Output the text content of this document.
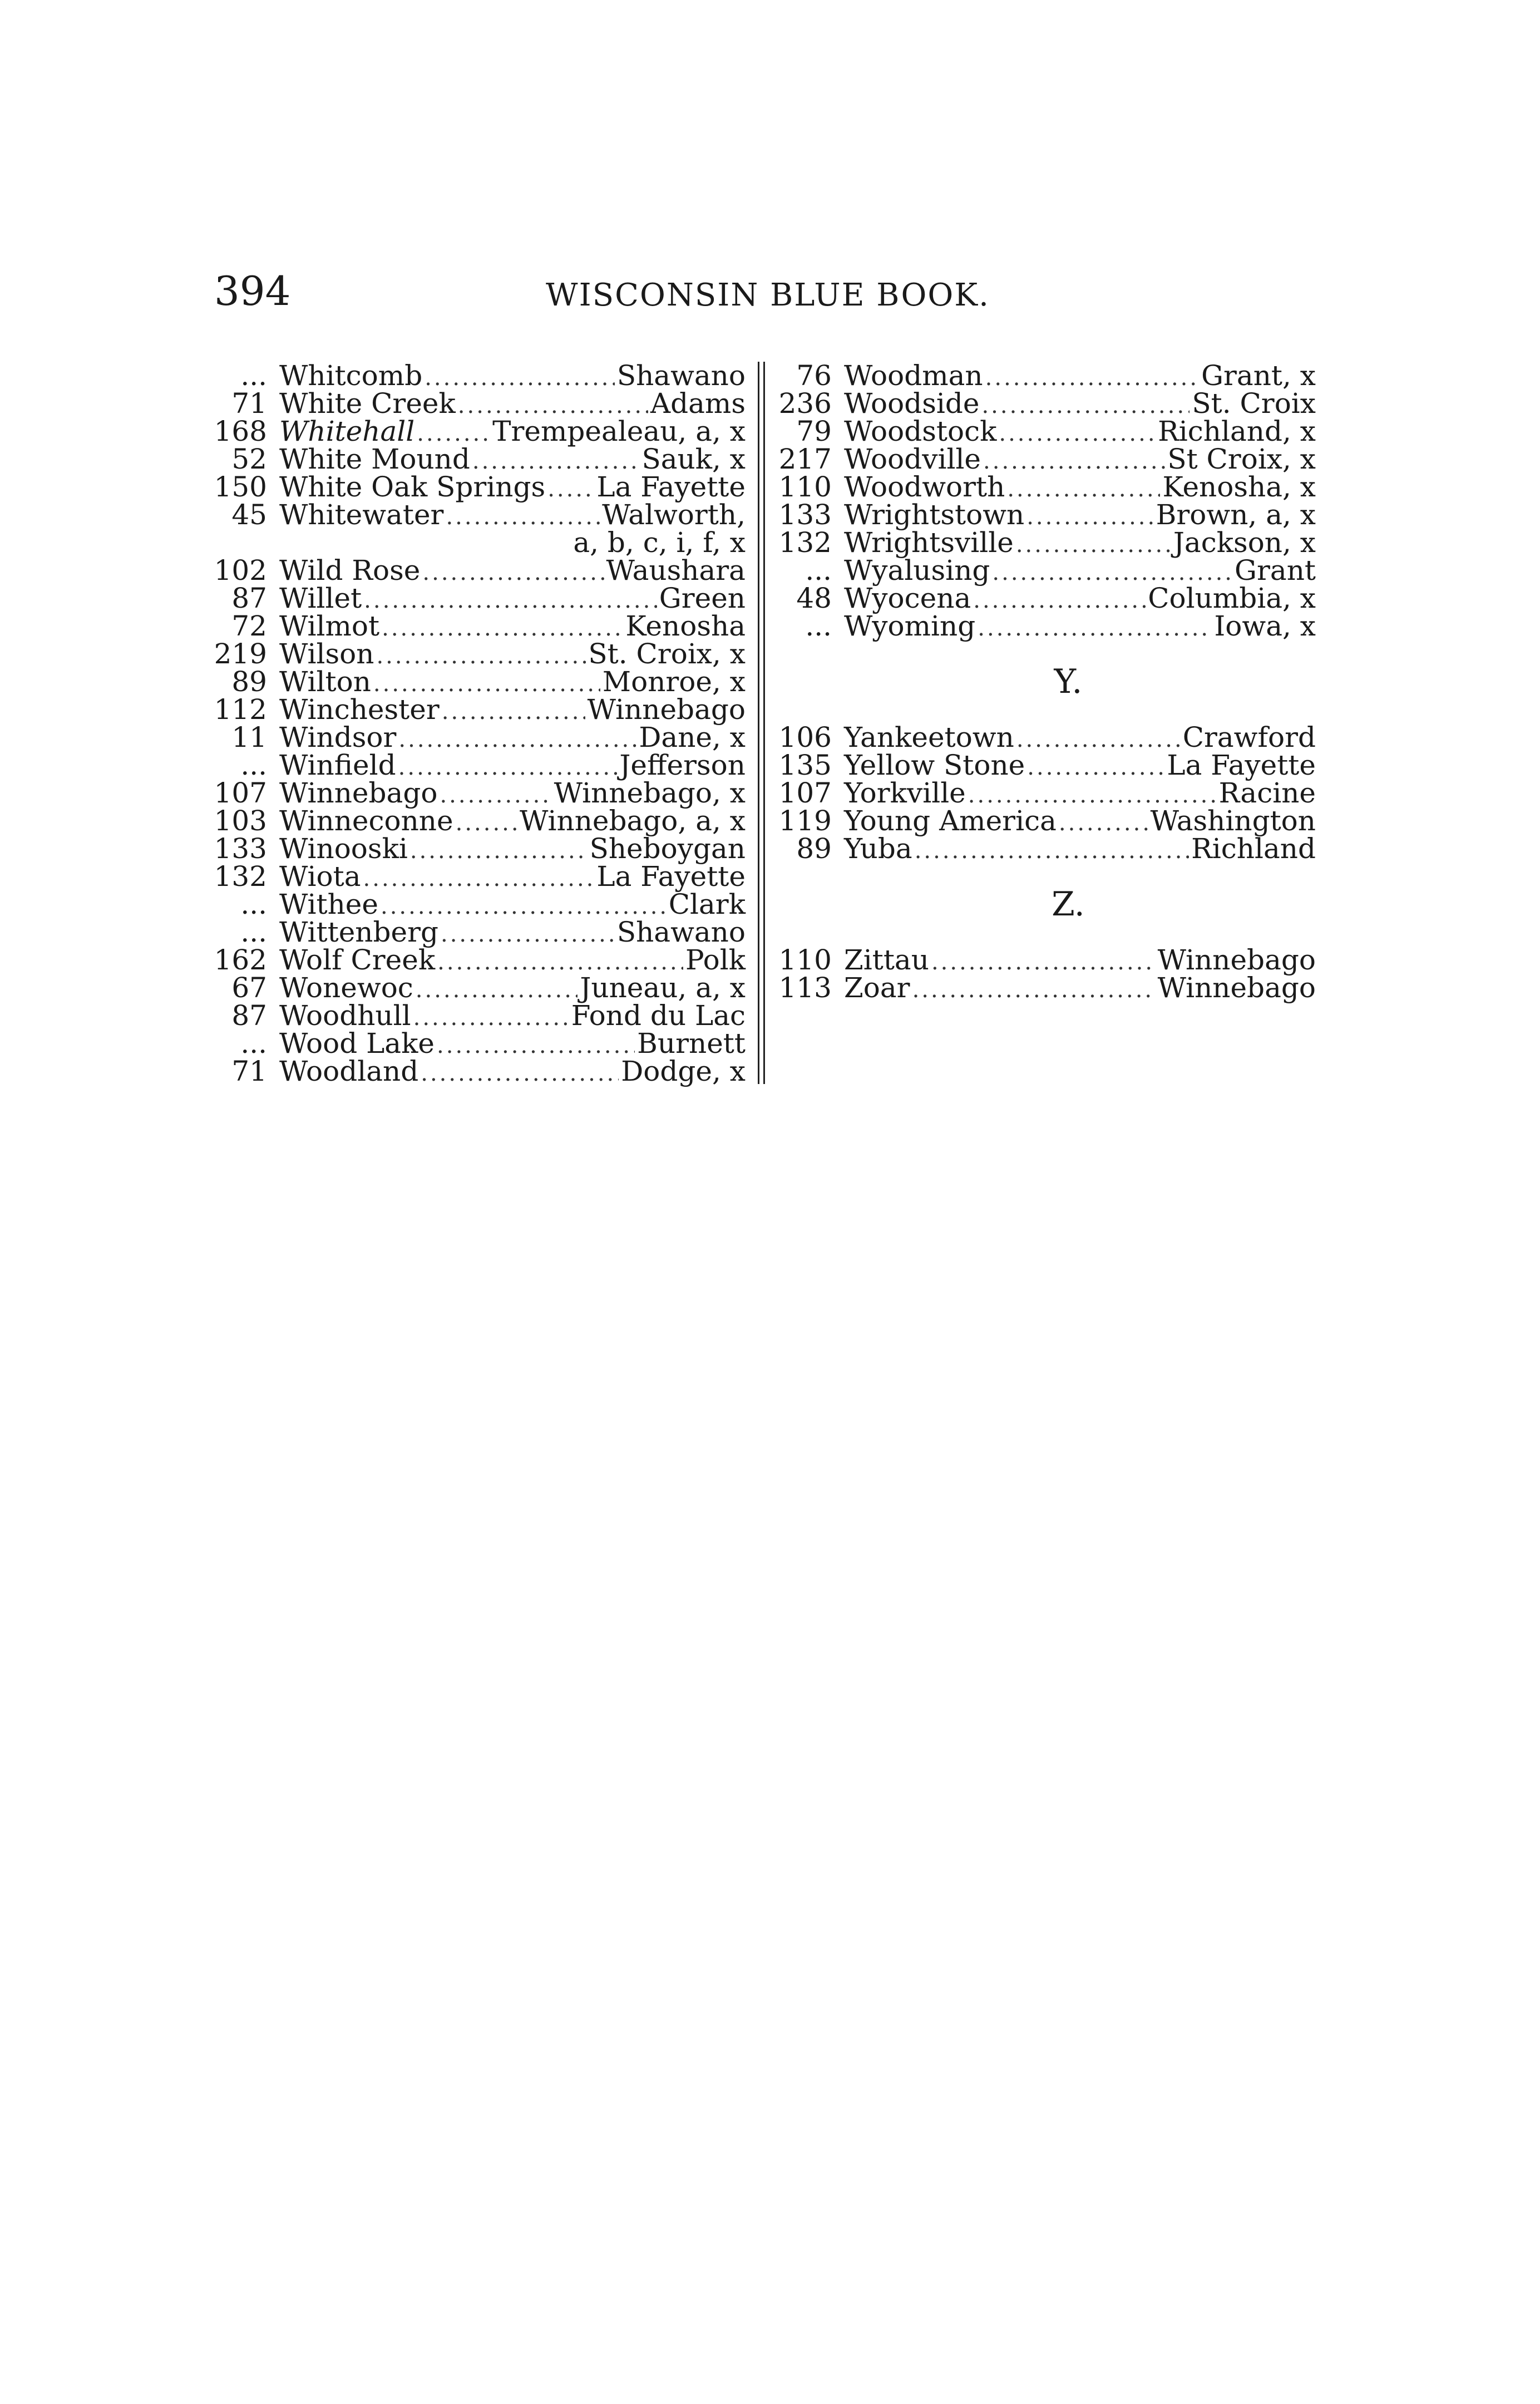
394	WISCONSIN BLUE BOOK.
... Whitcomb .....	Shawano
71 White Creek .....	Adams
168 Whitehall .....	Trempealeau, a, x
52 White Mound .....	Sauk, x
150 White Oak Springs ..... La Fayette
45 Whitewater .....	Walworth,
a, b, c, i, f, x
102 Wild Rose .....	Waushara
87 Willet .....	Green
72 Wilmot .....	Kenosha
219 Wilson .....	St. Croix, x
89 Wilton .....	Monroe, x
112 Winchester .....	Winnebago
11 Windsor .....	Dane, x
... Winfield .....	Jefferson
107 Winnebago .....	Winnebago, x
103 Winneconne ..... Winnebago, a, x
133 Winooski .....	Sheboygan
132 Wiota .....	La Fayette
... Withee .....	Clark
... Wittenberg .....	Shawano
162 Wolf Creek .....	Polk
67 Wonewoc .....	Juneau, a, x
87 Woodhull .....	Fond du Lac
... Wood Lake .....	Burnett
71 Woodland .....	Dodge, x
76 Woodman .....	Grant, x
236 Woodside .....	St. Croix
79 Woodstock .....	Richland, x
217 Woodville .....	St Croix, x
110 Woodworth .....	Kenosha, x
133 Wrightstown .....	Brown, a, x
132 Wrightsville .....	Jackson, x
... Wyalusing .....	Grant
48 Wyocena .....	Columbia, x
... Wyoming .....	Iowa, x
Y.
106 Yankeetown .....	Crawford
135 Yellow Stone .....	La Fayette
107 Yorkville .....	Racine
119 Young America .....	Washington
89 Yuba .....	Richland
Z.
110 Zittau .....	Winnebago
113 Zoar .....	Winnebago
